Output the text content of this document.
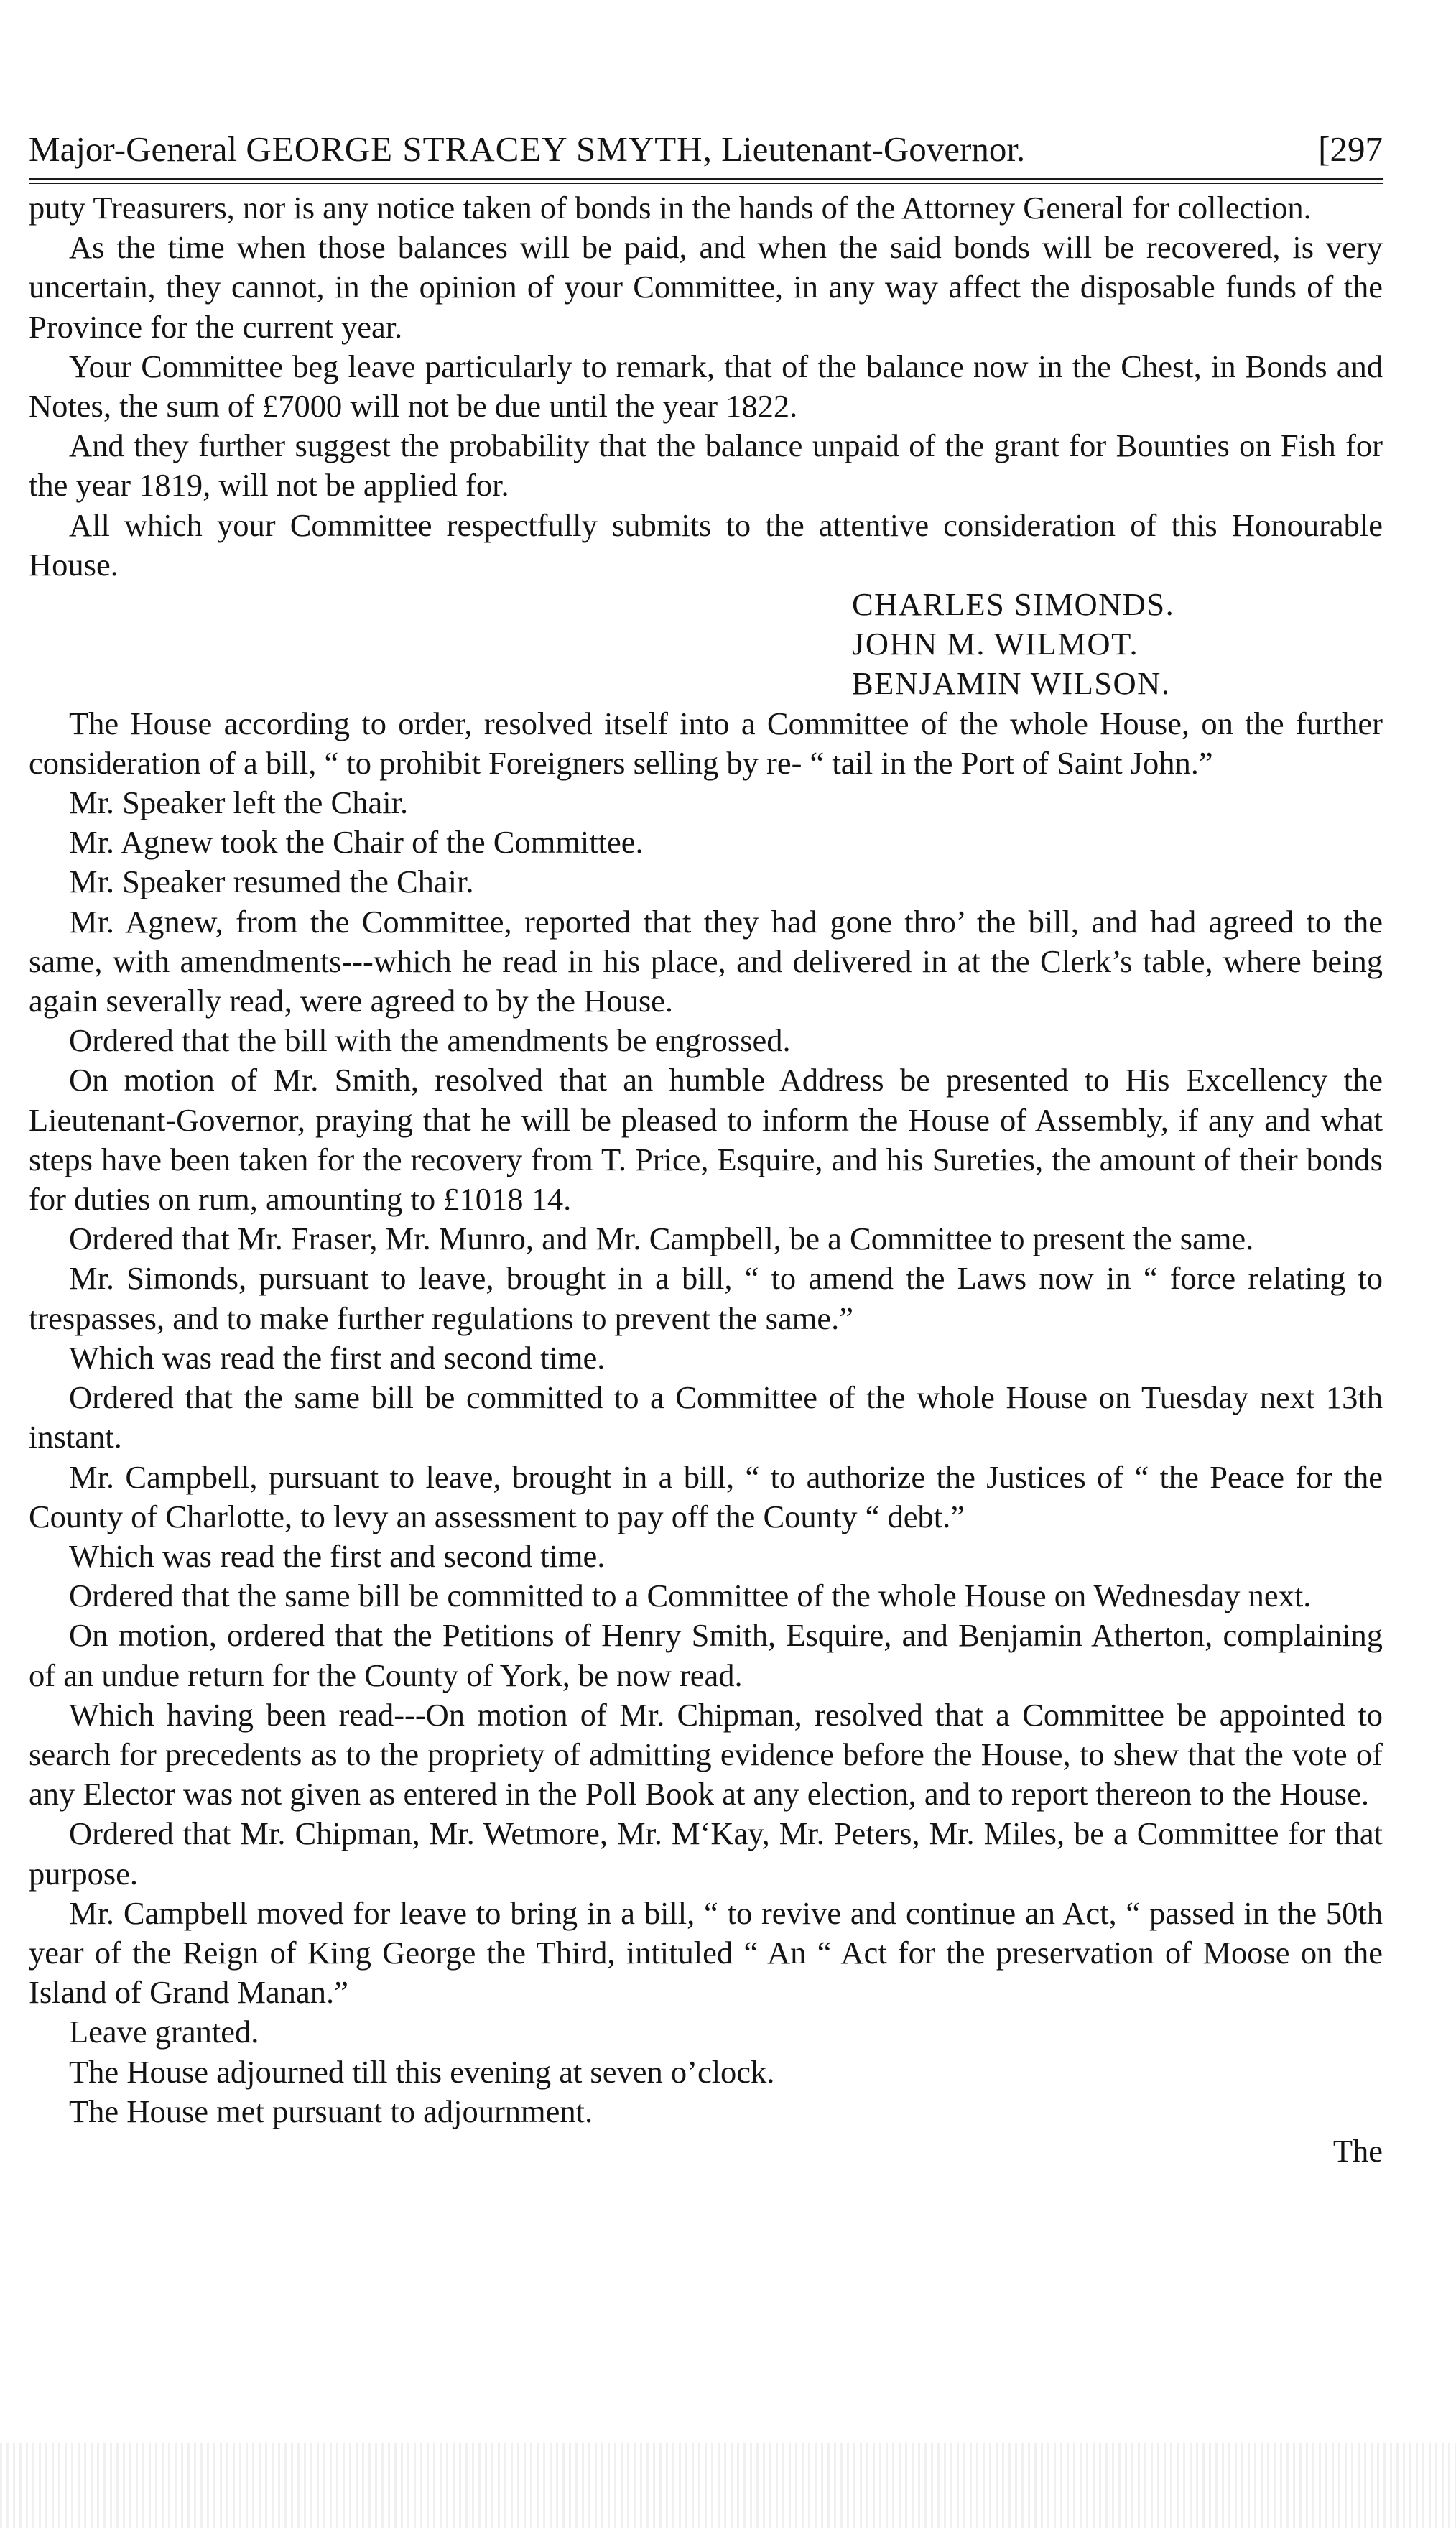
Major-General GEORGE STRACEY SMYTH, Lieutenant-Governor.	[297

puty Treasurers, nor is any notice taken of bonds in the hands of the Attorney General for collection.

As the time when those balances will be paid, and when the said bonds will be recovered, is very uncertain, they cannot, in the opinion of your Committee, in any way affect the disposable funds of the Province for the current year.

Your Committee beg leave particularly to remark, that of the balance now in the Chest, in Bonds and Notes, the sum of £7000 will not be due until the year 1822.

And they further suggest the probability that the balance unpaid of the grant for Bounties on Fish for the year 1819, will not be applied for.

All which your Committee respectfully submits to the attentive consideration of this Honourable House.

CHARLES SIMONDS.
JOHN M. WILMOT.
BENJAMIN WILSON.

The House according to order, resolved itself into a Committee of the whole House, on the further consideration of a bill, “ to prohibit Foreigners selling by re- “ tail in the Port of Saint John.”

Mr. Speaker left the Chair.

Mr. Agnew took the Chair of the Committee.

Mr. Speaker resumed the Chair.

Mr. Agnew, from the Committee, reported that they had gone thro’ the bill, and had agreed to the same, with amendments---which he read in his place, and delivered in at the Clerk’s table, where being again severally read, were agreed to by the House.

Ordered that the bill with the amendments be engrossed.

On motion of Mr. Smith, resolved that an humble Address be presented to His Excellency the Lieutenant-Governor, praying that he will be pleased to inform the House of Assembly, if any and what steps have been taken for the recovery from T. Price, Esquire, and his Sureties, the amount of their bonds for duties on rum, amounting to £1018 14.

Ordered that Mr. Fraser, Mr. Munro, and Mr. Campbell, be a Committee to present the same.

Mr. Simonds, pursuant to leave, brought in a bill, “ to amend the Laws now in “ force relating to trespasses, and to make further regulations to prevent the same.”

Which was read the first and second time.

Ordered that the same bill be committed to a Committee of the whole House on Tuesday next 13th instant.

Mr. Campbell, pursuant to leave, brought in a bill, “ to authorize the Justices of “ the Peace for the County of Charlotte, to levy an assessment to pay off the County “ debt.”

Which was read the first and second time.

Ordered that the same bill be committed to a Committee of the whole House on Wednesday next.

On motion, ordered that the Petitions of Henry Smith, Esquire, and Benjamin Atherton, complaining of an undue return for the County of York, be now read.

Which having been read---On motion of Mr. Chipman, resolved that a Committee be appointed to search for precedents as to the propriety of admitting evidence before the House, to shew that the vote of any Elector was not given as entered in the Poll Book at any election, and to report thereon to the House.

Ordered that Mr. Chipman, Mr. Wetmore, Mr. M‘Kay, Mr. Peters, Mr. Miles, be a Committee for that purpose.

Mr. Campbell moved for leave to bring in a bill, “ to revive and continue an Act, “ passed in the 50th year of the Reign of King George the Third, intituled “ An “ Act for the preservation of Moose on the Island of Grand Manan.”

Leave granted.

The House adjourned till this evening at seven o’clock.

The House met pursuant to adjournment.

The
